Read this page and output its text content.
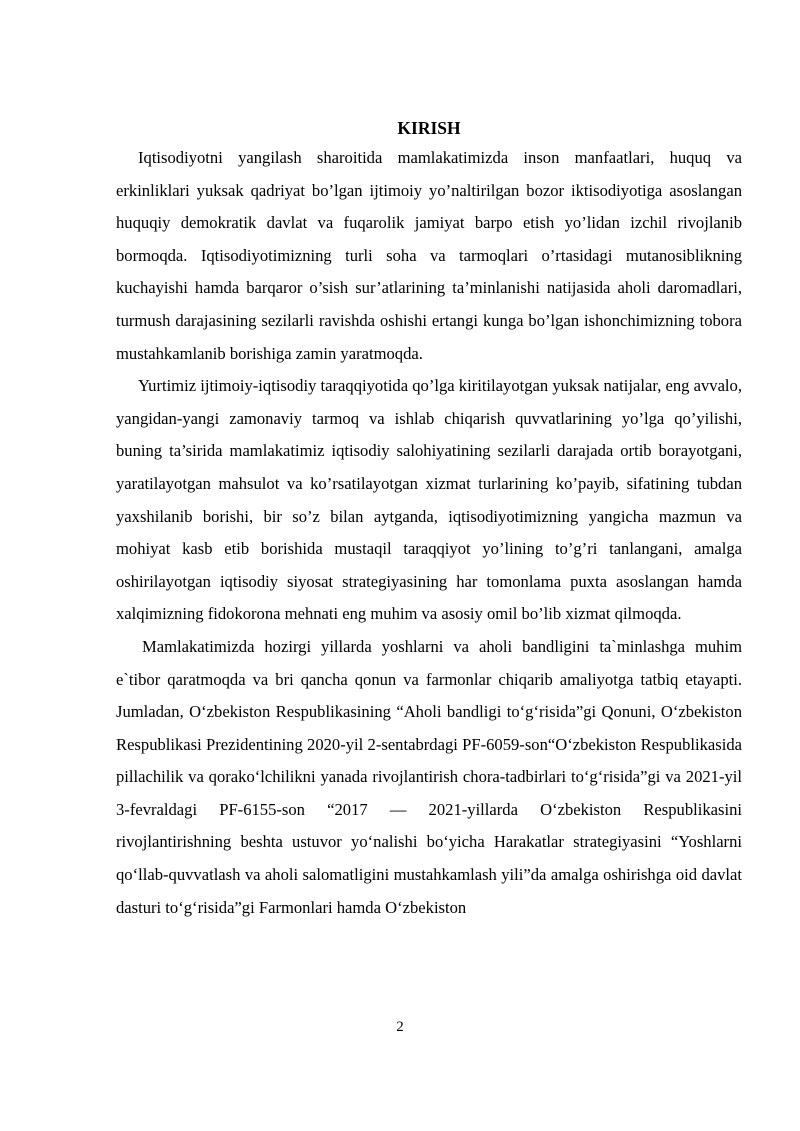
KIRISH

Iqtisodiyotni yangilash sharoitida mamlakatimizda inson manfaatlari, huquq va erkinliklari yuksak qadriyat bo’lgan ijtimoiy yo’naltirilgan bozor iktisodiyotiga asoslangan huquqiy demokratik davlat va fuqarolik jamiyat barpo etish yo’lidan izchil rivojlanib bormoqda. Iqtisodiyotimizning turli soha va tarmoqlari o’rtasidagi mutanosiblikning kuchayishi hamda barqaror o’sish sur’atlarining ta’minlanishi natijasida aholi daromadlari, turmush darajasining sezilarli ravishda oshishi ertangi kunga bo’lgan ishonchimizning tobora mustahkamlanib borishiga zamin yaratmoqda.

Yurtimiz ijtimoiy-iqtisodiy taraqqiyotida qo’lga kiritilayotgan yuksak natijalar, eng avvalo, yangidan-yangi zamonaviy tarmoq va ishlab chiqarish quvvatlarining yo’lga qo’yilishi, buning ta’sirida mamlakatimiz iqtisodiy salohiyatining sezilarli darajada ortib borayotgani, yaratilayotgan mahsulot va ko’rsatilayotgan xizmat turlarining ko’payib, sifatining tubdan yaxshilanib borishi, bir so’z bilan aytganda, iqtisodiyotimizning yangicha mazmun va mohiyat kasb etib borishida mustaqil taraqqiyot yo’lining to’g’ri tanlangani, amalga oshirilayotgan iqtisodiy siyosat strategiyasining har tomonlama puxta asoslangan hamda xalqimizning fidokorona mehnati eng muhim va asosiy omil bo’lib xizmat qilmoqda.

Mamlakatimizda hozirgi yillarda yoshlarni va aholi bandligini ta`minlashga muhim e`tibor qaratmoqda va bri qancha qonun va farmonlar chiqarib amaliyotga tatbiq etayapti. Jumladan, O‘zbekiston Respublikasining “Aholi bandligi to‘g‘risida”gi Qonuni, O‘zbekiston Respublikasi Prezidentining 2020-yil 2-sentabrdagi PF-6059-son“O‘zbekiston Respublikasida pillachilik va qorako‘lchilikni yanada rivojlantirish chora-tadbirlari to‘g‘risida”gi va 2021-yil 3-fevraldagi PF-6155-son “2017 — 2021-yillarda O‘zbekiston Respublikasini rivojlantirishning beshta ustuvor yo‘nalishi bo‘yicha Harakatlar strategiyasini “Yoshlarni qo‘llab-quvvatlash va aholi salomatligini mustahkamlash yili”da amalga oshirishga oid davlat dasturi to‘g‘risida”gi Farmonlari hamda O‘zbekiston

2
